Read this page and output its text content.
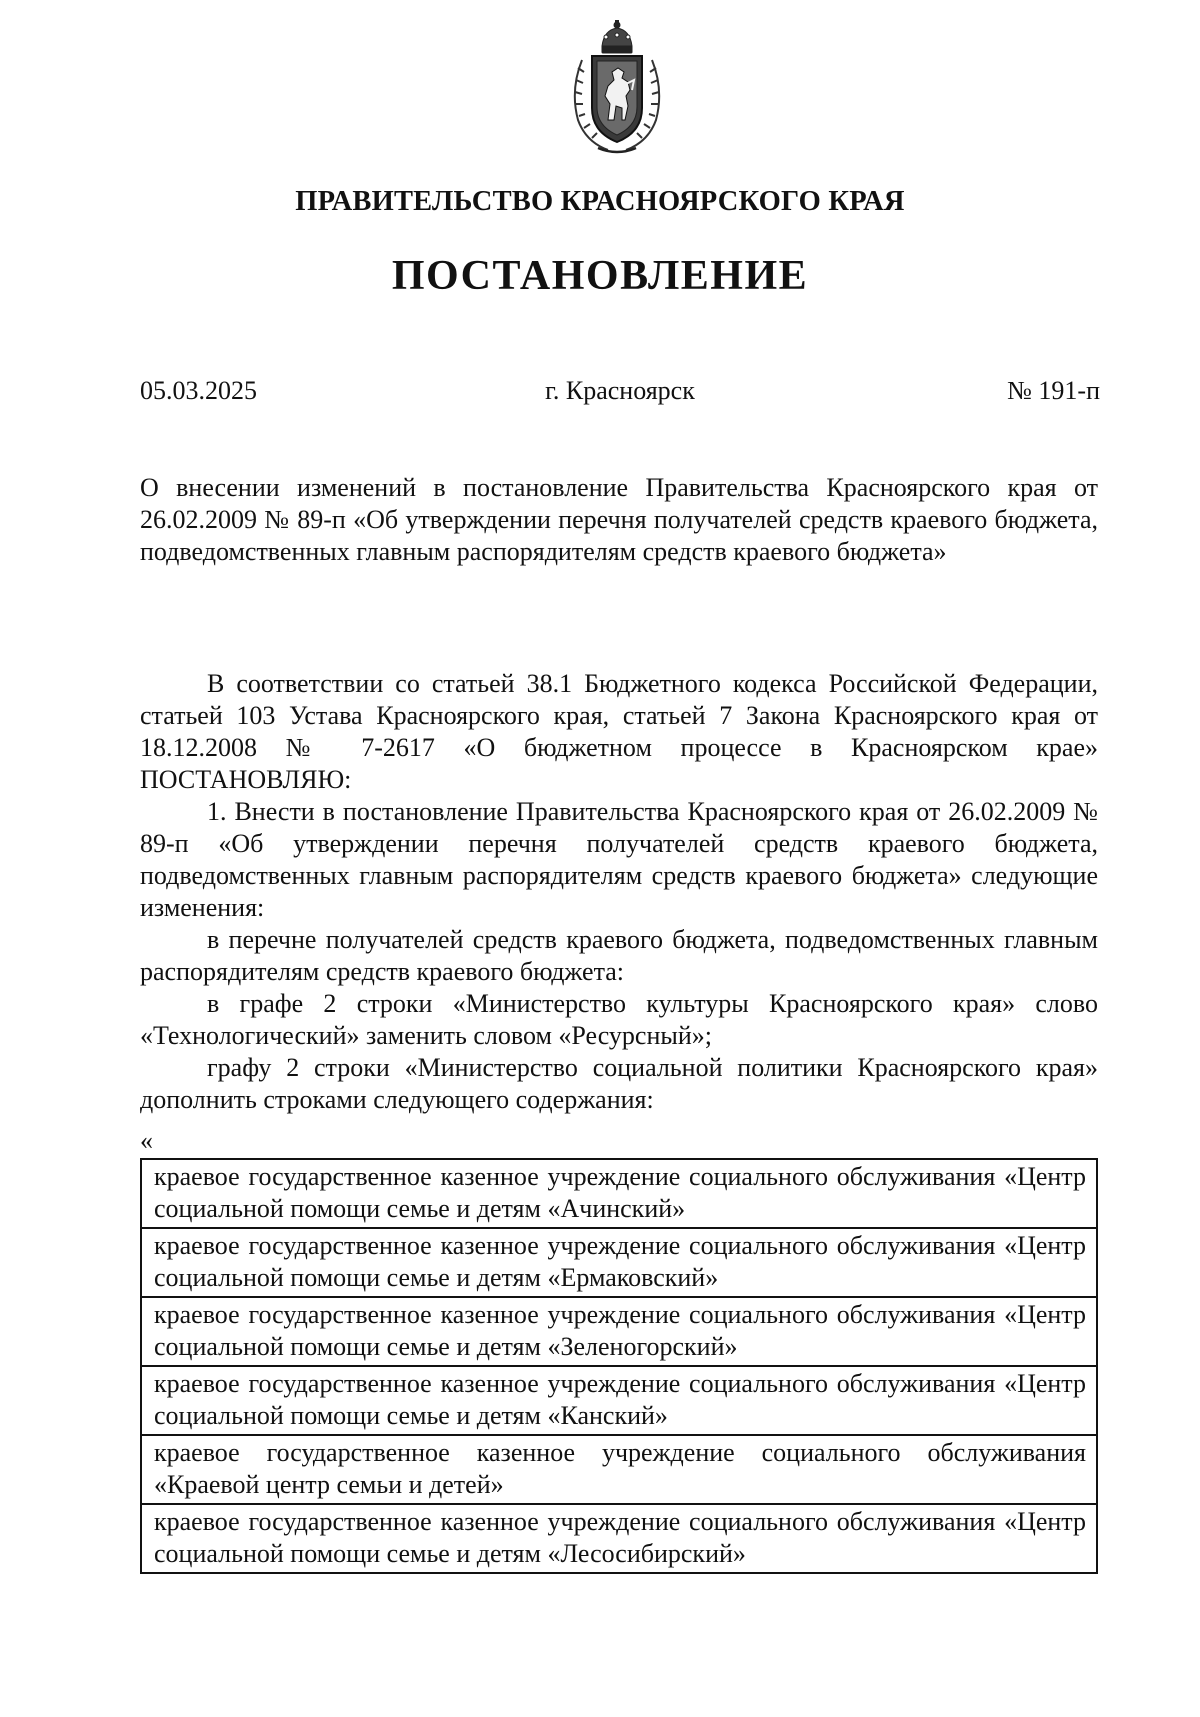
ПРАВИТЕЛЬСТВО КРАСНОЯРСКОГО КРАЯ
ПОСТАНОВЛЕНИЕ
г. Красноярск
05.03.2025	№ 191-п
О внесении изменений в постановление Правительства Красноярского края от 26.02.2009 № 89-п «Об утверждении перечня получателей средств краевого бюджета, подведомственных главным распорядителям средств краевого бюджета»

В соответствии со статьей 38.1 Бюджетного кодекса Российской Федерации, статьей 103 Устава Красноярского края, статьей 7 Закона Красноярского края от 18.12.2008 № 7-2617 «О бюджетном процессе в Красноярском крае» ПОСТАНОВЛЯЮ:

1. Внести в постановление Правительства Красноярского края от 26.02.2009 № 89-п «Об утверждении перечня получателей средств краевого бюджета, подведомственных главным распорядителям средств краевого бюджета» следующие изменения:

в перечне получателей средств краевого бюджета, подведомственных главным распорядителям средств краевого бюджета:

в графе 2 строки «Министерство культуры Красноярского края» слово «Технологический» заменить словом «Ресурсный»;

графу 2 строки «Министерство социальной политики Красноярского края» дополнить строками следующего содержания:

«
краевое государственное казенное учреждение социального обслуживания «Центр социальной помощи семье и детям «Ачинский»
краевое государственное казенное учреждение социального обслуживания «Центр социальной помощи семье и детям «Ермаковский»
краевое государственное казенное учреждение социального обслуживания «Центр социальной помощи семье и детям «Зеленогорский»
краевое государственное казенное учреждение социального обслуживания «Центр социальной помощи семье и детям «Канский»
краевое государственное казенное учреждение социального обслуживания «Краевой центр семьи и детей»
краевое государственное казенное учреждение социального обслуживания «Центр социальной помощи семье и детям «Лесосибирский»
